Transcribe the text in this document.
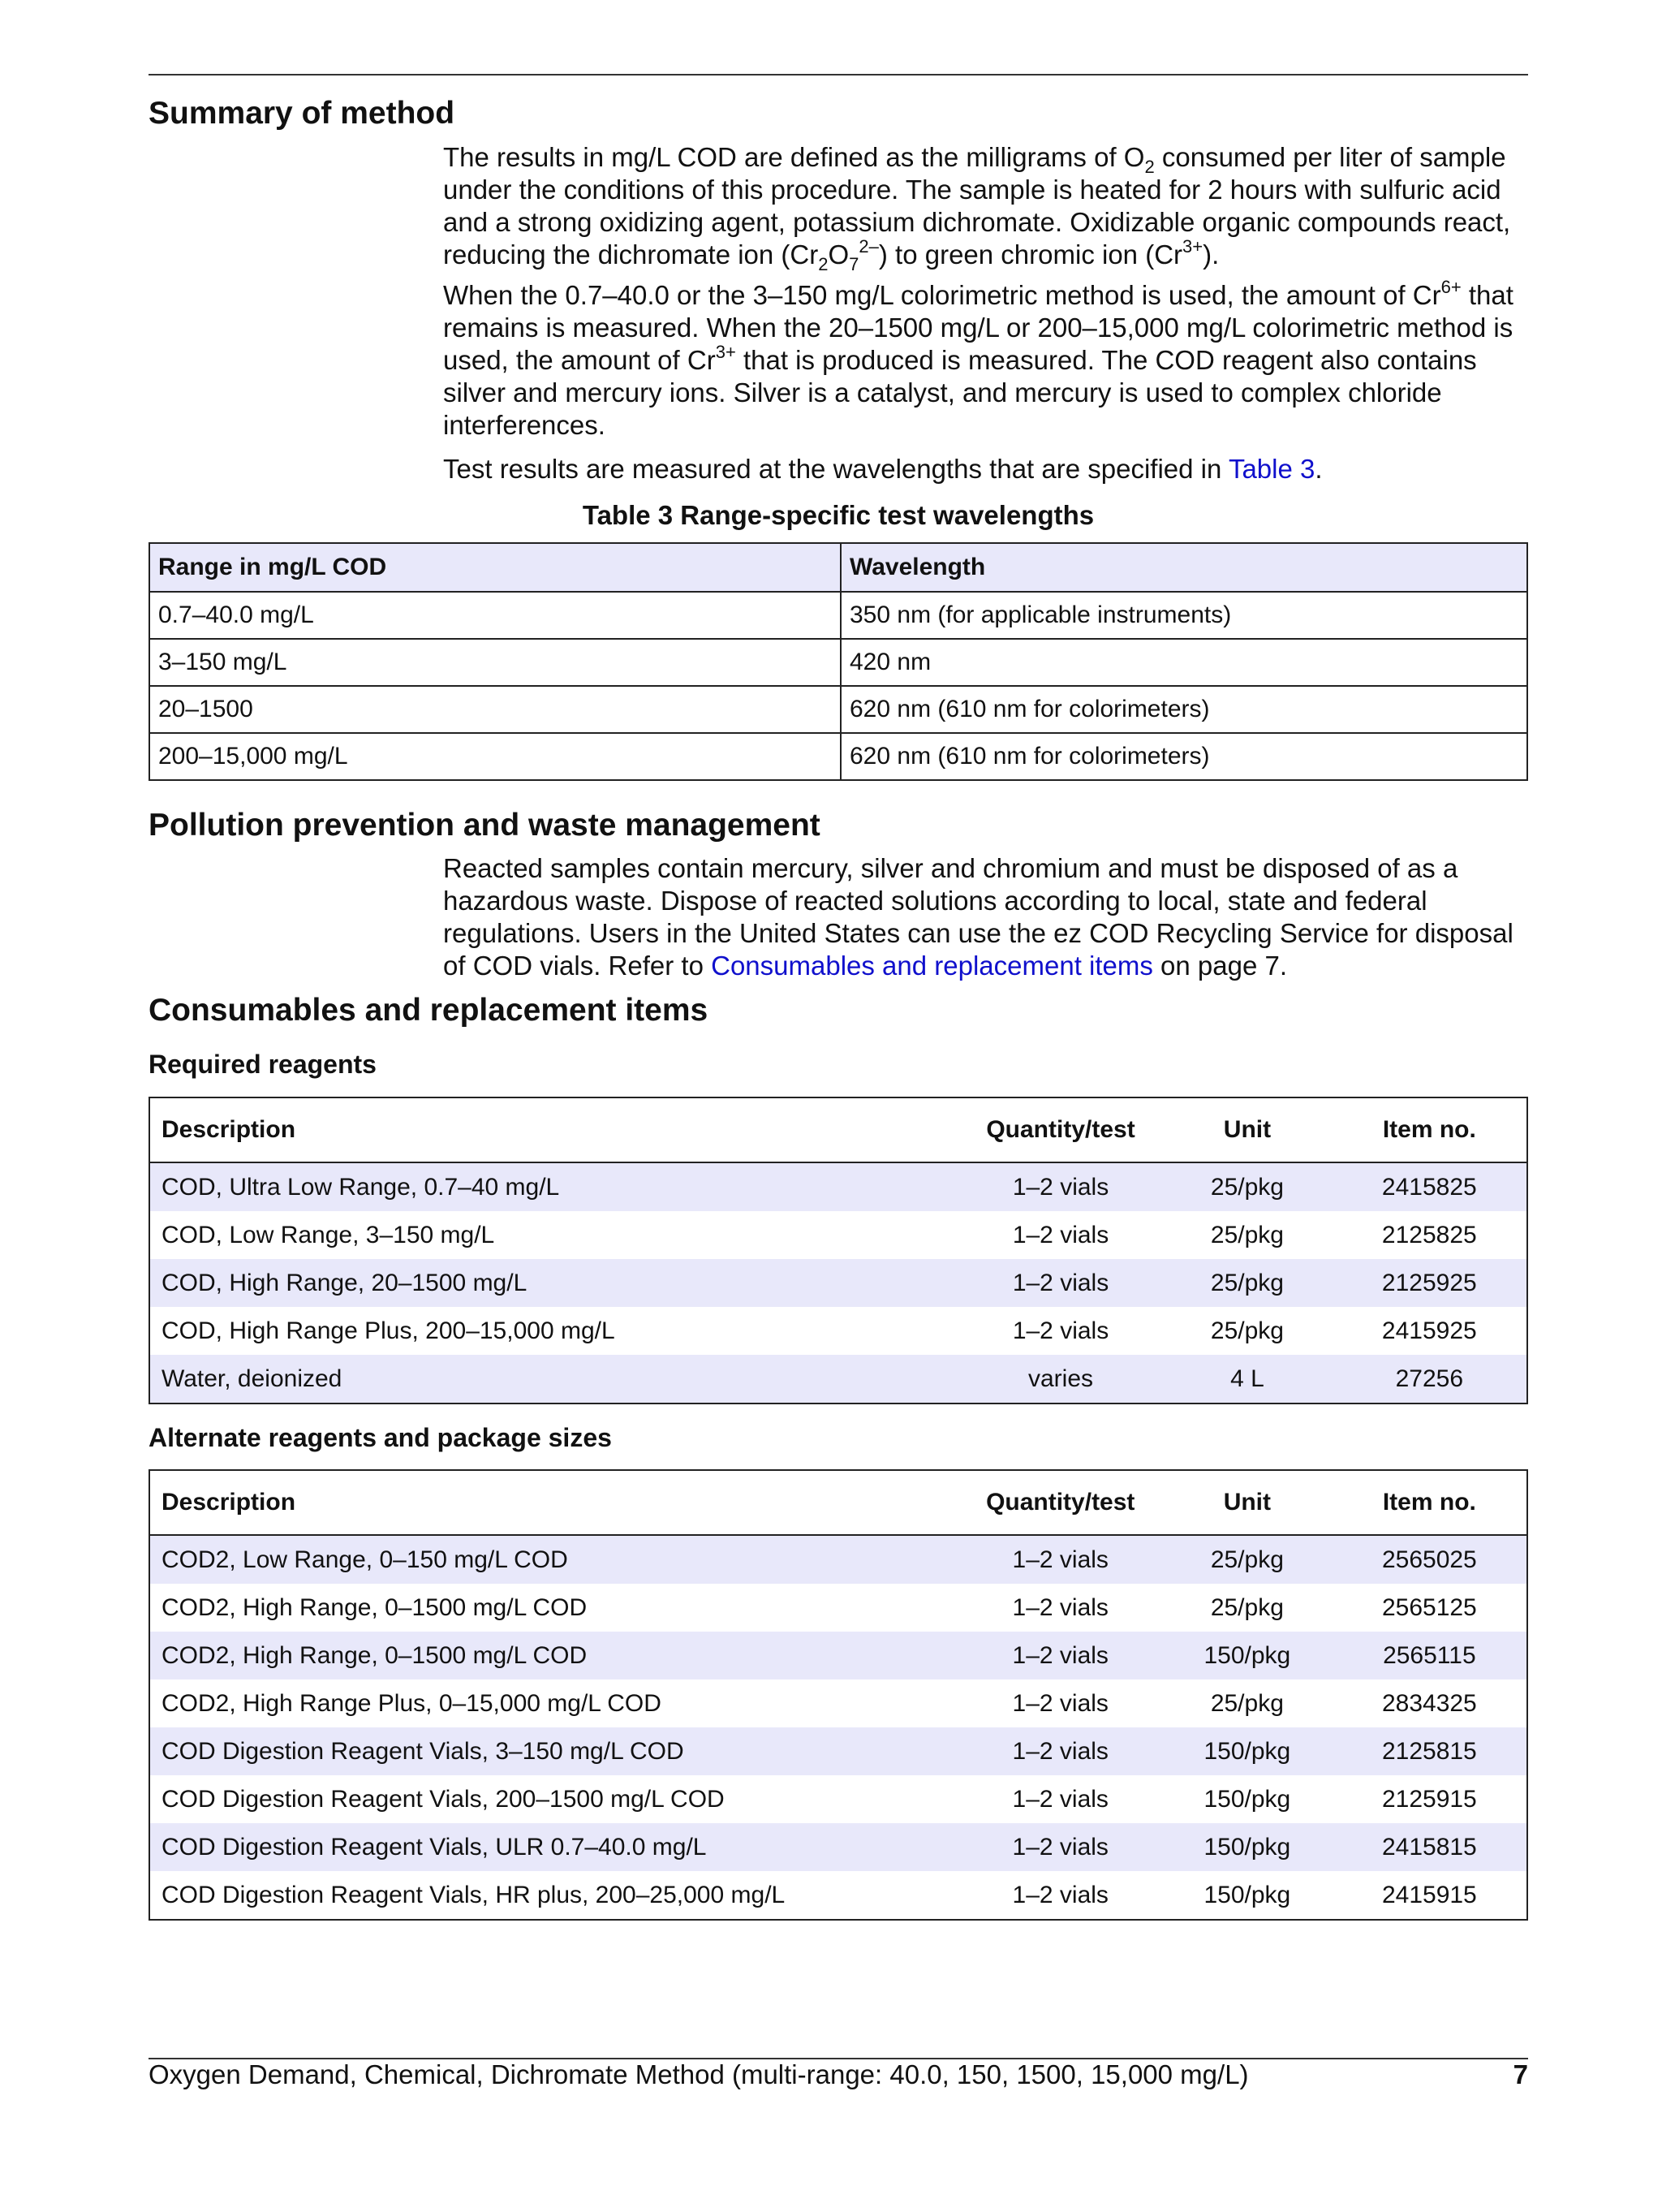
Summary of method

The results in mg/L COD are defined as the milligrams of $O_2$ consumed per liter of sample under the conditions of this procedure. The sample is heated for 2 hours with sulfuric acid and a strong oxidizing agent, potassium dichromate. Oxidizable organic compounds react, reducing the dichromate ion $(Cr_2O_7^{2-})$ to green chromic ion $(Cr^{3+})$.

When the 0.7–40.0 or the 3–150 mg/L colorimetric method is used, the amount of $Cr^{6+}$ that remains is measured. When the 20–1500 mg/L or 200–15,000 mg/L colorimetric method is used, the amount of $Cr^{3+}$ that is produced is measured. The COD reagent also contains silver and mercury ions. Silver is a catalyst, and mercury is used to complex chloride interferences.

Test results are measured at the wavelengths that are specified in Table 3.

Table 3 Range-specific test wavelengths

Range in mg/L COD	Wavelength
0.7–40.0 mg/L	350 nm (for applicable instruments)
3–150 mg/L	420 nm
20–1500	620 nm (610 nm for colorimeters)
200–15,000 mg/L	620 nm (610 nm for colorimeters)
Pollution prevention and waste management

Reacted samples contain mercury, silver and chromium and must be disposed of as a hazardous waste. Dispose of reacted solutions according to local, state and federal regulations. Users in the United States can use the ez COD Recycling Service for disposal of COD vials. Refer to Consumables and replacement items on page 7.

Consumables and replacement items
Required reagents
Description	Quantity/test	Unit	Item no.
COD, Ultra Low Range, 0.7–40 mg/L	1–2 vials	25/pkg	2415825
COD, Low Range, 3–150 mg/L	1–2 vials	25/pkg	2125825
COD, High Range, 20–1500 mg/L	1–2 vials	25/pkg	2125925
COD, High Range Plus, 200–15,000 mg/L	1–2 vials	25/pkg	2415925
Water, deionized	varies	4 L	27256
Alternate reagents and package sizes
Description	Quantity/test	Unit	Item no.
COD2, Low Range, 0–150 mg/L COD	1–2 vials	25/pkg	2565025
COD2, High Range, 0–1500 mg/L COD	1–2 vials	25/pkg	2565125
COD2, High Range, 0–1500 mg/L COD	1–2 vials	150/pkg	2565115
COD2, High Range Plus, 0–15,000 mg/L COD	1–2 vials	25/pkg	2834325
COD Digestion Reagent Vials, 3–150 mg/L COD	1–2 vials	150/pkg	2125815
COD Digestion Reagent Vials, 200–1500 mg/L COD	1–2 vials	150/pkg	2125915
COD Digestion Reagent Vials, ULR 0.7–40.0 mg/L	1–2 vials	150/pkg	2415815
COD Digestion Reagent Vials, HR plus, 200–25,000 mg/L	1–2 vials	150/pkg	2415915

Oxygen Demand, Chemical, Dichromate Method (multi-range: 40.0, 150, 1500, 15,000 mg/L)	7
